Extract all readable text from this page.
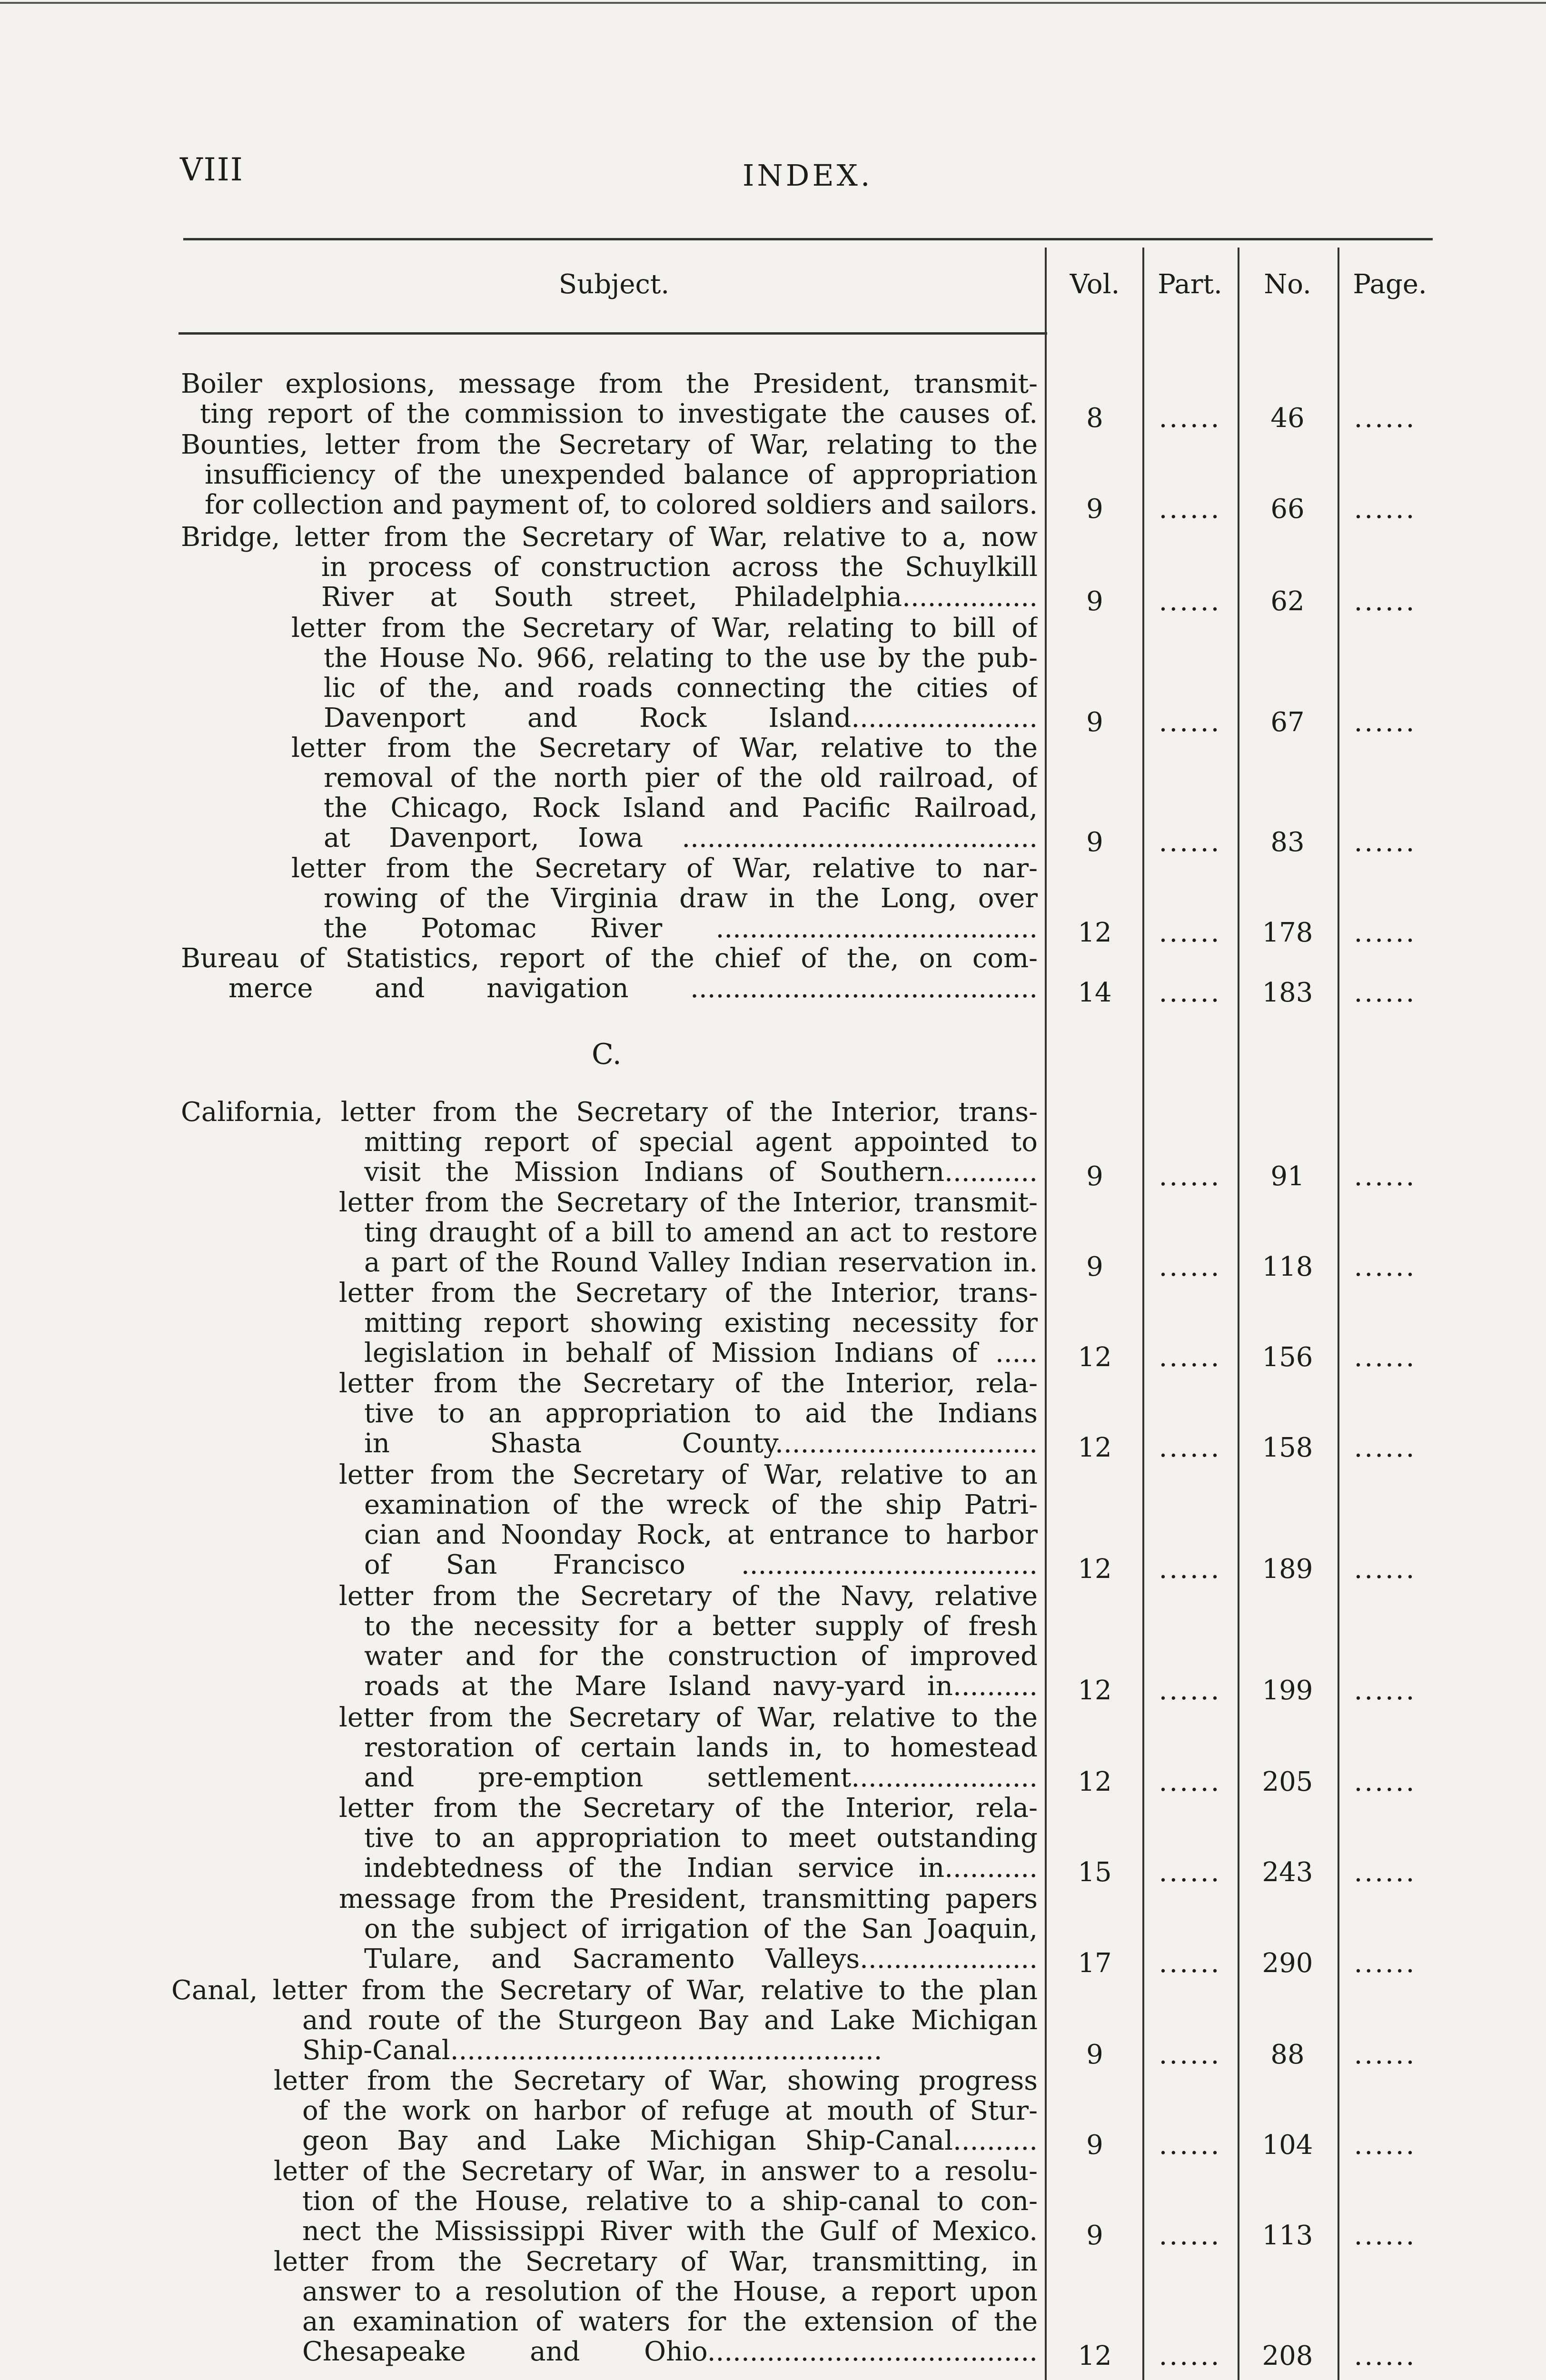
VIII	INDEX.
Subject.	Vol.	Part.	No.	Page.
C.
Boiler explosions, message from the President, transmit-
ting report of the commission to investigate the causes of.	8	......	46	......
Bounties, letter from the Secretary of War, relating to the
insufficiency of the unexpended balance of appropriation
for collection and payment of, to colored soldiers and sailors.	9	......	66	......
Bridge, letter from the Secretary of War, relative to a, now
in process of construction across the Schuylkill
River at South street, Philadelphia................	9	......	62	......
letter from the Secretary of War, relating to bill of
the House No. 966, relating to the use by the pub-
lic of the, and roads connecting the cities of
Davenport and Rock Island......................	9	......	67	......
letter from the Secretary of War, relative to the
removal of the north pier of the old railroad, of
the Chicago, Rock Island and Pacific Railroad,
at Davenport, Iowa ..........................................	9	......	83	......
letter from the Secretary of War, relative to nar-
rowing of the Virginia draw in the Long, over
the Potomac River ......................................	12	......	178	......
Bureau of Statistics, report of the chief of the, on com-
merce and navigation .........................................	14	......	183	......
California, letter from the Secretary of the Interior, trans-
mitting report of special agent appointed to
visit the Mission Indians of Southern...........	9	......	91	......
letter from the Secretary of the Interior, transmit-
ting draught of a bill to amend an act to restore
a part of the Round Valley Indian reservation in.	9	......	118	......
letter from the Secretary of the Interior, trans-
mitting report showing existing necessity for
legislation in behalf of Mission Indians of .....	12	......	156	......
letter from the Secretary of the Interior, rela-
tive to an appropriation to aid the Indians
in Shasta County...............................	12	......	158	......
letter from the Secretary of War, relative to an
examination of the wreck of the ship Patri-
cian and Noonday Rock, at entrance to harbor
of San Francisco ...................................	12	......	189	......
letter from the Secretary of the Navy, relative
to the necessity for a better supply of fresh
water and for the construction of improved
roads at the Mare Island navy-yard in..........	12	......	199	......
letter from the Secretary of War, relative to the
restoration of certain lands in, to homestead
and pre-emption settlement......................	12	......	205	......
letter from the Secretary of the Interior, rela-
tive to an appropriation to meet outstanding
indebtedness of the Indian service in...........	15	......	243	......
message from the President, transmitting papers
on the subject of irrigation of the San Joaquin,
Tulare, and Sacramento Valleys.....................	17	......	290	......
Canal, letter from the Secretary of War, relative to the plan
and route of the Sturgeon Bay and Lake Michigan
Ship-Canal...................................................	9	......	88	......
letter from the Secretary of War, showing progress
of the work on harbor of refuge at mouth of Stur-
geon Bay and Lake Michigan Ship-Canal..........	9	......	104	......
letter of the Secretary of War, in answer to a resolu-
tion of the House, relative to a ship-canal to con-
nect the Mississippi River with the Gulf of Mexico.	9	......	113	......
letter from the Secretary of War, transmitting, in
answer to a resolution of the House, a report upon
an examination of waters for the extension of the
Chesapeake and Ohio.......................................	12	......	208	......
